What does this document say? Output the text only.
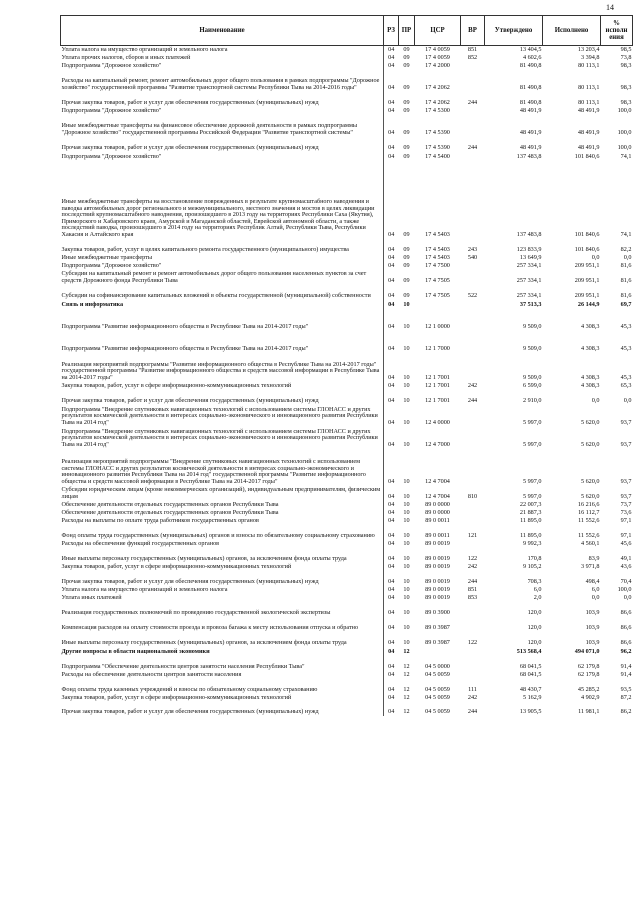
14
Наименование	РЗ	ПР	ЦСР	ВР	Утверждено	Исполнено	% исполн ения
Уплата налога на имущество организаций и земельного налога	04	09	17 4 0059	851	13 404,5	13 203,4	98,5
Уплата прочих налогов, сборов и иных платежей	04	09	17 4 0059	852	4 602,6	3 394,8	73,8
Подпрограмма "Дорожное хозяйство"	04	09	17 4 2000		81 490,8	80 113,1	98,3
Расходы на капитальный ремонт, ремонт автомобильных дорог общего пользования в рамках подпрограммы "Дорожное хозяйство" государственной программы "Развитие транспортной системы Республики Тыва на 2014-2016 годы"	04	09	17 4 2062		81 490,8	80 113,1	98,3
Прочая закупка товаров, работ и услуг для обеспечения государственных (муниципальных) нужд	04	09	17 4 2062	244	81 490,8	80 113,1	98,3
Подпрограмма "Дорожное хозяйство"	04	09	17 4 5300		48 491,9	48 491,9	100,0
Иные межбюджетные трансферты на финансовое обеспечение дорожной деятельности в рамках подпрограммы "Дорожное хозяйство" государственной программы Российской Федерации "Развитие транспортной системы"	04	09	17 4 5390		48 491,9	48 491,9	100,0
Прочая закупка товаров, работ и услуг для обеспечения государственных (муниципальных) нужд	04	09	17 4 5390	244	48 491,9	48 491,9	100,0
Подпрограмма "Дорожное хозяйство"	04	09	17 4 5400		137 483,8	101 840,6	74,1
Иные межбюджетные трансферты на восстановление поврежденных в результате крупномасштабного наводнения и паводка автомобильных дорог регионального и межмуниципального, местного значения и мостов в целях ликвидации последствий крупномасштабного наводнения, произошедшего в 2013 году на территориях Республики Саха (Якутия), Приморского и Хабаровского краев, Амурской и Магаданской областей, Еврейской автономной области, а также последствий паводка, произошедшего в 2014 году на территориях Республик Алтай, Республики Тыва, Республики Хакасия и Алтайского края	04	09	17 4 5403		137 483,8	101 840,6	74,1
Закупка товаров, работ, услуг в целях капитального ремонта государственного (муниципального) имущества	04	09	17 4 5403	243	123 833,9	101 840,6	82,2
Иные межбюджетные трансферты	04	09	17 4 5403	540	13 649,9	0,0	0,0
Подпрограмма "Дорожное хозяйство"	04	09	17 4 7500		257 334,1	209 951,1	81,6
Субсидии на капитальный ремонт и ремонт автомобильных дорог общего пользования населенных пунктов за счет средств Дорожного фонда Республики Тыва	04	09	17 4 7505		257 334,1	209 951,1	81,6
Субсидии на софинансирование капитальных вложений в объекты государственной (муниципальной) собственности	04	09	17 4 7505	522	257 334,1	209 951,1	81,6
Связь и информатика	04	10			37 513,3	26 144,9	69,7
Подпрограмма "Развитие информационного общества в Республике Тыва на 2014-2017 годы"	04	10	12 1 0000		9 509,0	4 308,3	45,3
Подпрограмма "Развитие информационного общества в Республике Тыва на 2014-2017 годы"	04	10	12 1 7000		9 509,0	4 308,3	45,3
Реализация мероприятий подпрограммы "Развитие информационного общества в Республике Тыва на 2014-2017 годы" государственной программы "Развитие информационного общества и средств массовой информации в Республике Тыва на 2014-2017 годы"	04	10	12 1 7001		9 509,0	4 308,3	45,3
Закупка товаров, работ, услуг в сфере информационно-коммуникационных технологий	04	10	12 1 7001	242	6 599,0	4 308,3	65,3
Прочая закупка товаров, работ и услуг для обеспечения государственных (муниципальных) нужд	04	10	12 1 7001	244	2 910,0	0,0	0,0
Подпрограмма "Внедрение спутниковых навигационных технологий с использованием системы ГЛОНАСС и других результатов космической деятельности в интересах социально-экономического и инновационного развития Республики Тыва на 2014 год"	04	10	12 4 0000		5 997,0	5 620,0	93,7
Подпрограмма "Внедрение спутниковых навигационных технологий с использованием системы ГЛОНАСС и других результатов космической деятельности в интересах социально-экономического и инновационного развития Республики Тыва на 2014 год"	04	10	12 4 7000		5 997,0	5 620,0	93,7
Реализация мероприятий подпрограммы "Внедрение спутниковых навигационных технологий с использованием системы ГЛОНАСС и других результатов космической деятельности в интересах социально-экономического и инновационного развития Республики Тыва на 2014 год" государственной программы "Развитие информационного общества и средств массовой информации в Республике Тыва на 2014-2017 годы"	04	10	12 4 7004		5 997,0	5 620,0	93,7
Субсидии юридическим лицам (кроме некоммерческих организаций), индивидуальным предпринимателям, физическим лицам	04	10	12 4 7004	810	5 997,0	5 620,0	93,7
Обеспечение деятельности отдельных государственных органов Республики Тыва	04	10	89 0 0000		22 007,3	16 216,6	73,7
Обеспечение деятельности отдельных государственных органов Республики Тыва	04	10	89 0 0000		21 887,3	16 112,7	73,6
Расходы на выплаты по оплате труда работников государственных органов	04	10	89 0 0011		11 895,0	11 552,6	97,1
Фонд оплаты труда государственных (муниципальных) органов и взносы по обязательному социальному страхованию	04	10	89 0 0011	121	11 895,0	11 552,6	97,1
Расходы на обеспечение функций государственных органов	04	10	89 0 0019		9 992,3	4 560,1	45,6
Иные выплаты персоналу государственных (муниципальных) органов, за исключением фонда оплаты труда	04	10	89 0 0019	122	170,8	83,9	49,1
Закупка товаров, работ, услуг в сфере информационно-коммуникационных технологий	04	10	89 0 0019	242	9 105,2	3 971,8	43,6
Прочая закупка товаров, работ и услуг для обеспечения государственных (муниципальных) нужд	04	10	89 0 0019	244	708,3	498,4	70,4
Уплата налога на имущество организаций и земельного налога	04	10	89 0 0019	851	6,0	6,0	100,0
Уплата иных платежей	04	10	89 0 0019	853	2,0	0,0	0,0
Реализация государственных полномочий по проведению государственной экологической экспертизы	04	10	89 0 3900		120,0	103,9	86,6
Компенсация расходов на оплату стоимости проезда и провоза багажа к месту использования отпуска и обратно	04	10	89 0 3987		120,0	103,9	86,6
Иные выплаты персоналу государственных (муниципальных) органов, за исключением фонда оплаты труда	04	10	89 0 3987	122	120,0	103,9	86,6
Другие вопросы в области национальной экономики	04	12			513 568,4	494 071,0	96,2
Подпрограмма "Обеспечение деятельности центров занятости населения Республики Тыва"	04	12	04 5 0000		68 041,5	62 179,8	91,4
Расходы на обеспечение деятельности центров занятости населения	04	12	04 5 0059		68 041,5	62 179,8	91,4
Фонд оплаты труда казенных учреждений и взносы по обязательному социальному страхованию	04	12	04 5 0059	111	48 430,7	45 285,2	93,5
Закупка товаров, работ, услуг в сфере информационно-коммуникационных технологий	04	12	04 5 0059	242	5 162,9	4 902,9	87,2
Прочая закупка товаров, работ и услуг для обеспечения государственных (муниципальных) нужд	04	12	04 5 0059	244	13 905,5	11 981,1	86,2
